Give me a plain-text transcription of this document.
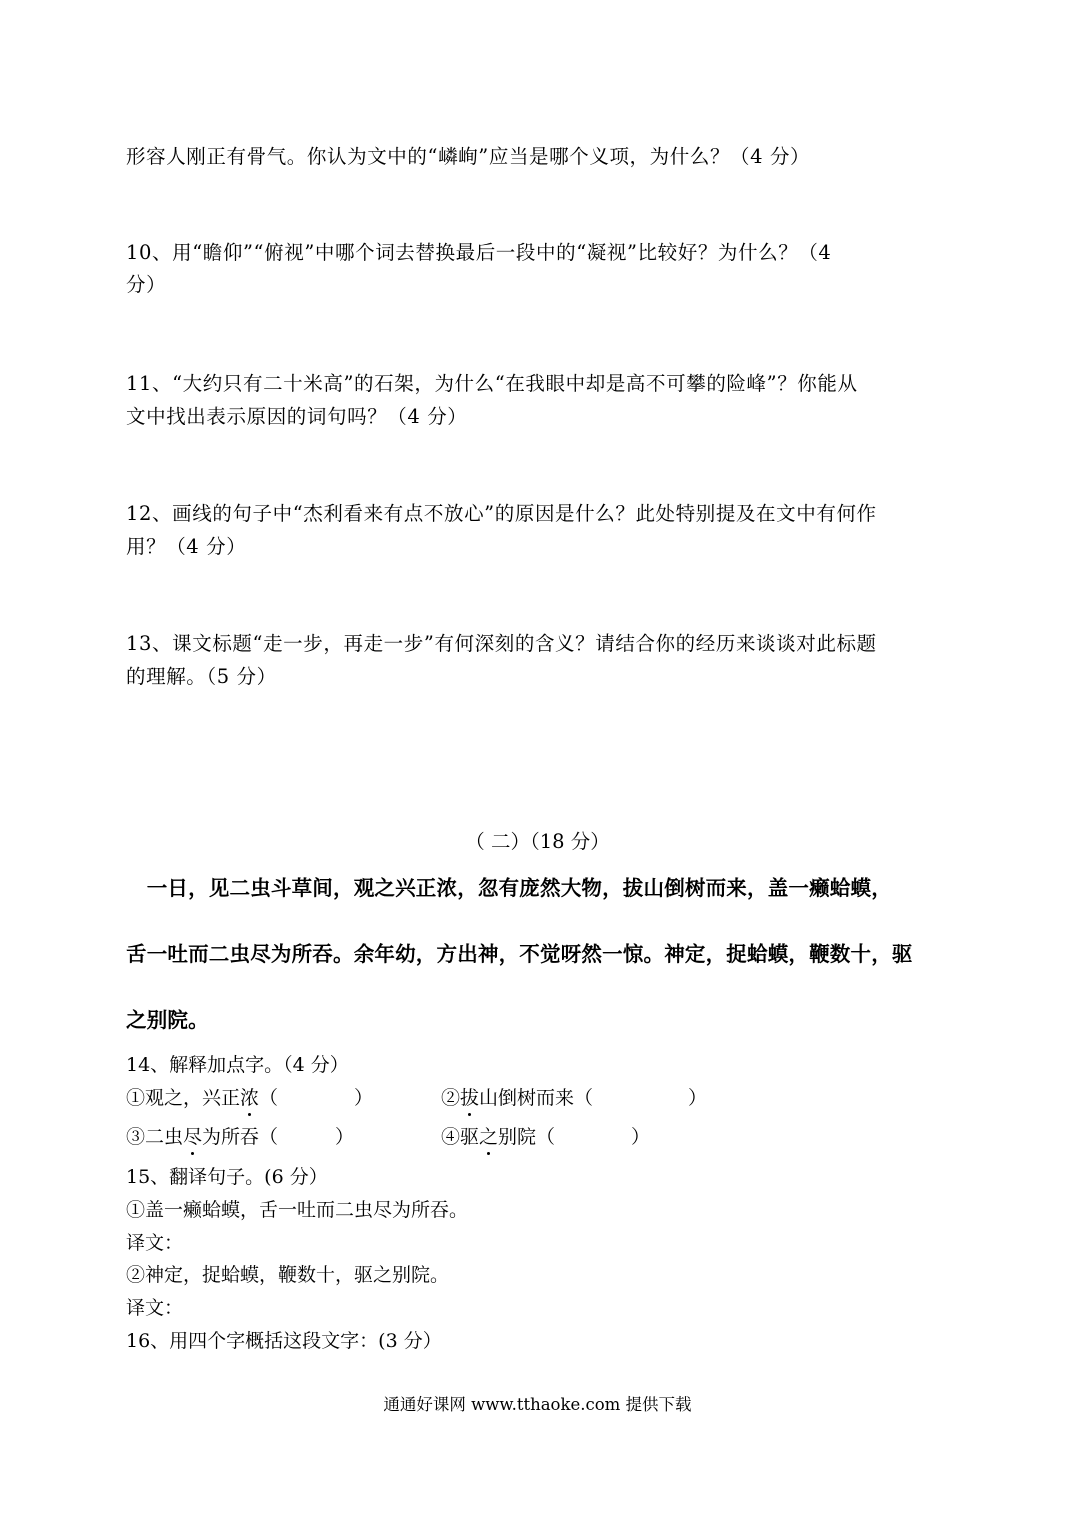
形容人刚正有骨气。你认为文中的“嶙峋”应当是哪个义项，为什么？（4 分）
10、用“瞻仰”“俯视”中哪个词去替换最后一段中的“凝视”比较好？为什么？（4
分）
11、“大约只有二十米高”的石架，为什么“在我眼中却是高不可攀的险峰”？你能从
文中找出表示原因的词句吗？（4 分）
12、画线的句子中“杰利看来有点不放心”的原因是什么？此处特别提及在文中有何作
用？（4 分）
13、课文标题“走一步，再走一步”有何深刻的含义？请结合你的经历来谈谈对此标题
的理解。（5 分）
（ 二）（18 分）
　一日，见二虫斗草间，观之兴正浓，忽有庞然大物，拔山倒树而来，盖一癞蛤蟆，
舌一吐而二虫尽为所吞。余年幼，方出神，不觉呀然一惊。神定，捉蛤蟆，鞭数十，驱
之别院。
14、解释加点字。（4 分）
①观之，兴正浓（　　　　）	②拔山倒树而来（　　　　　）
③二虫尽为所吞（　　　）	④驱之别院（　　　　）
15、翻译句子。(6 分）
①盖一癞蛤蟆，舌一吐而二虫尽为所吞。
译文：
②神定，捉蛤蟆，鞭数十，驱之别院。
译文：
16、用四个字概括这段文字：(3 分）
通通好课网 www.tthaoke.com 提供下载
